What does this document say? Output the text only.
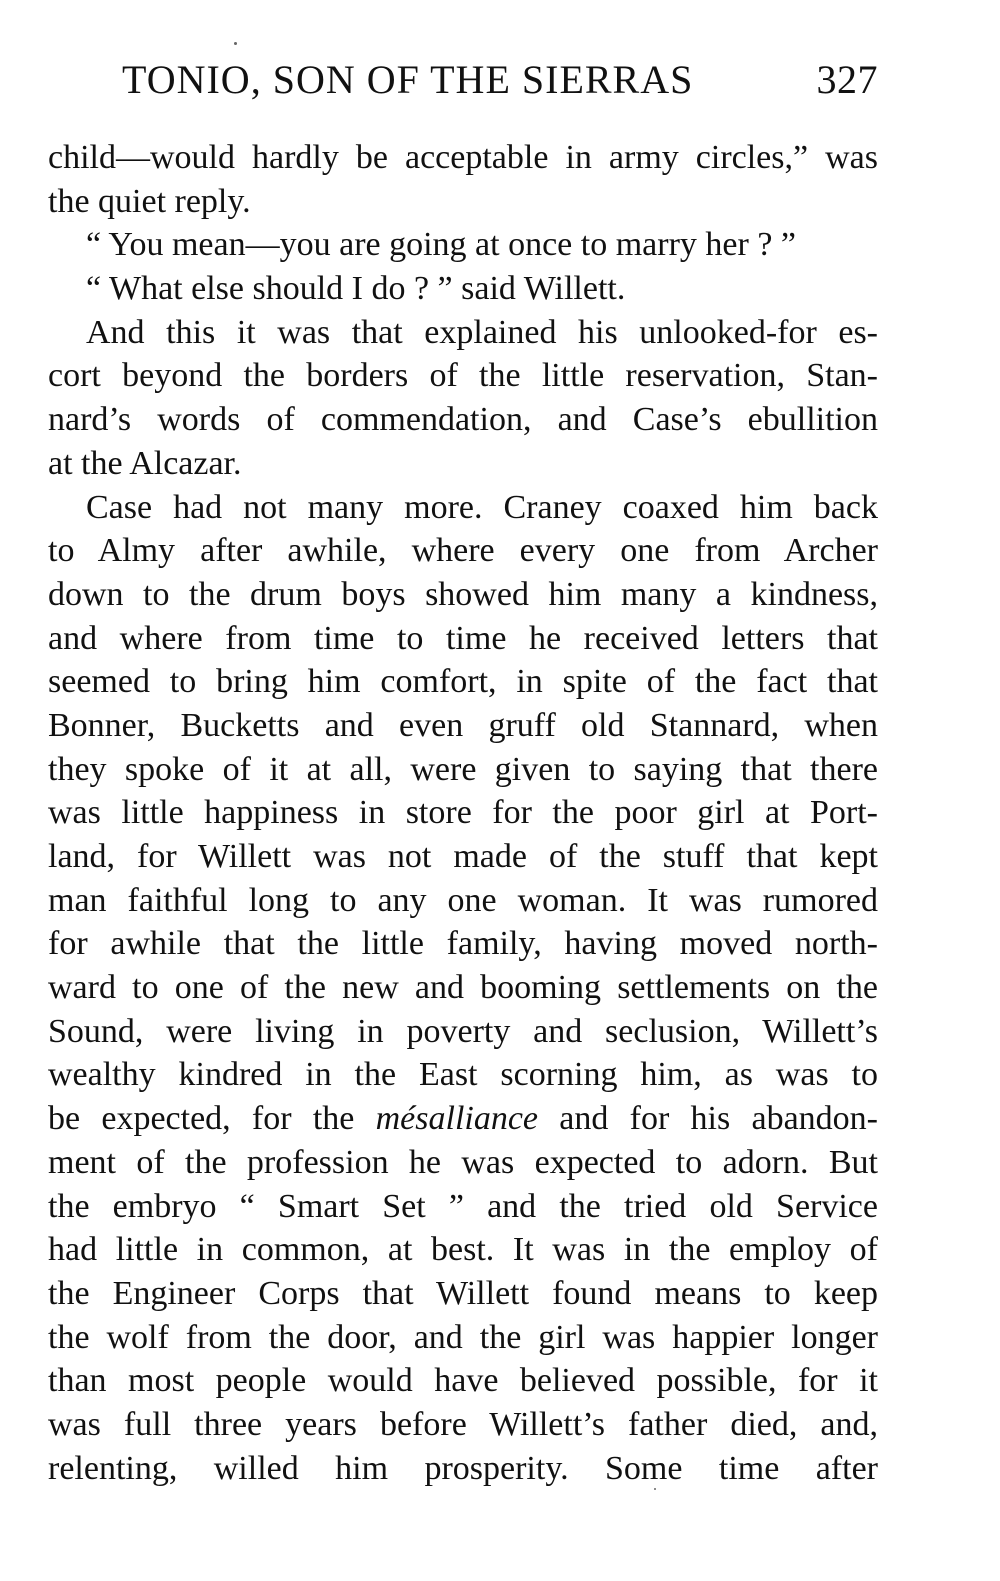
TONIO, SON OF THE SIERRAS	327
child—would hardly be acceptable in army circles,” was
the quiet reply.
“ You mean—you are going at once to marry her ? ”
“ What else should I do ? ” said Willett.
And this it was that explained his unlooked-for es-
cort beyond the borders of the little reservation, Stan-
nard’s words of commendation, and Case’s ebullition
at the Alcazar.
Case had not many more. Craney coaxed him back
to Almy after awhile, where every one from Archer
down to the drum boys showed him many a kindness,
and where from time to time he received letters that
seemed to bring him comfort, in spite of the fact that
Bonner, Bucketts and even gruff old Stannard, when
they spoke of it at all, were given to saying that there
was little happiness in store for the poor girl at Port-
land, for Willett was not made of the stuff that kept
man faithful long to any one woman. It was rumored
for awhile that the little family, having moved north-
ward to one of the new and booming settlements on the
Sound, were living in poverty and seclusion, Willett’s
wealthy kindred in the East scorning him, as was to
be expected, for the mésalliance and for his abandon-
ment of the profession he was expected to adorn. But
the embryo “ Smart Set ” and the tried old Service
had little in common, at best. It was in the employ of
the Engineer Corps that Willett found means to keep
the wolf from the door, and the girl was happier longer
than most people would have believed possible, for it
was full three years before Willett’s father died, and,
relenting, willed him prosperity. Some time after
